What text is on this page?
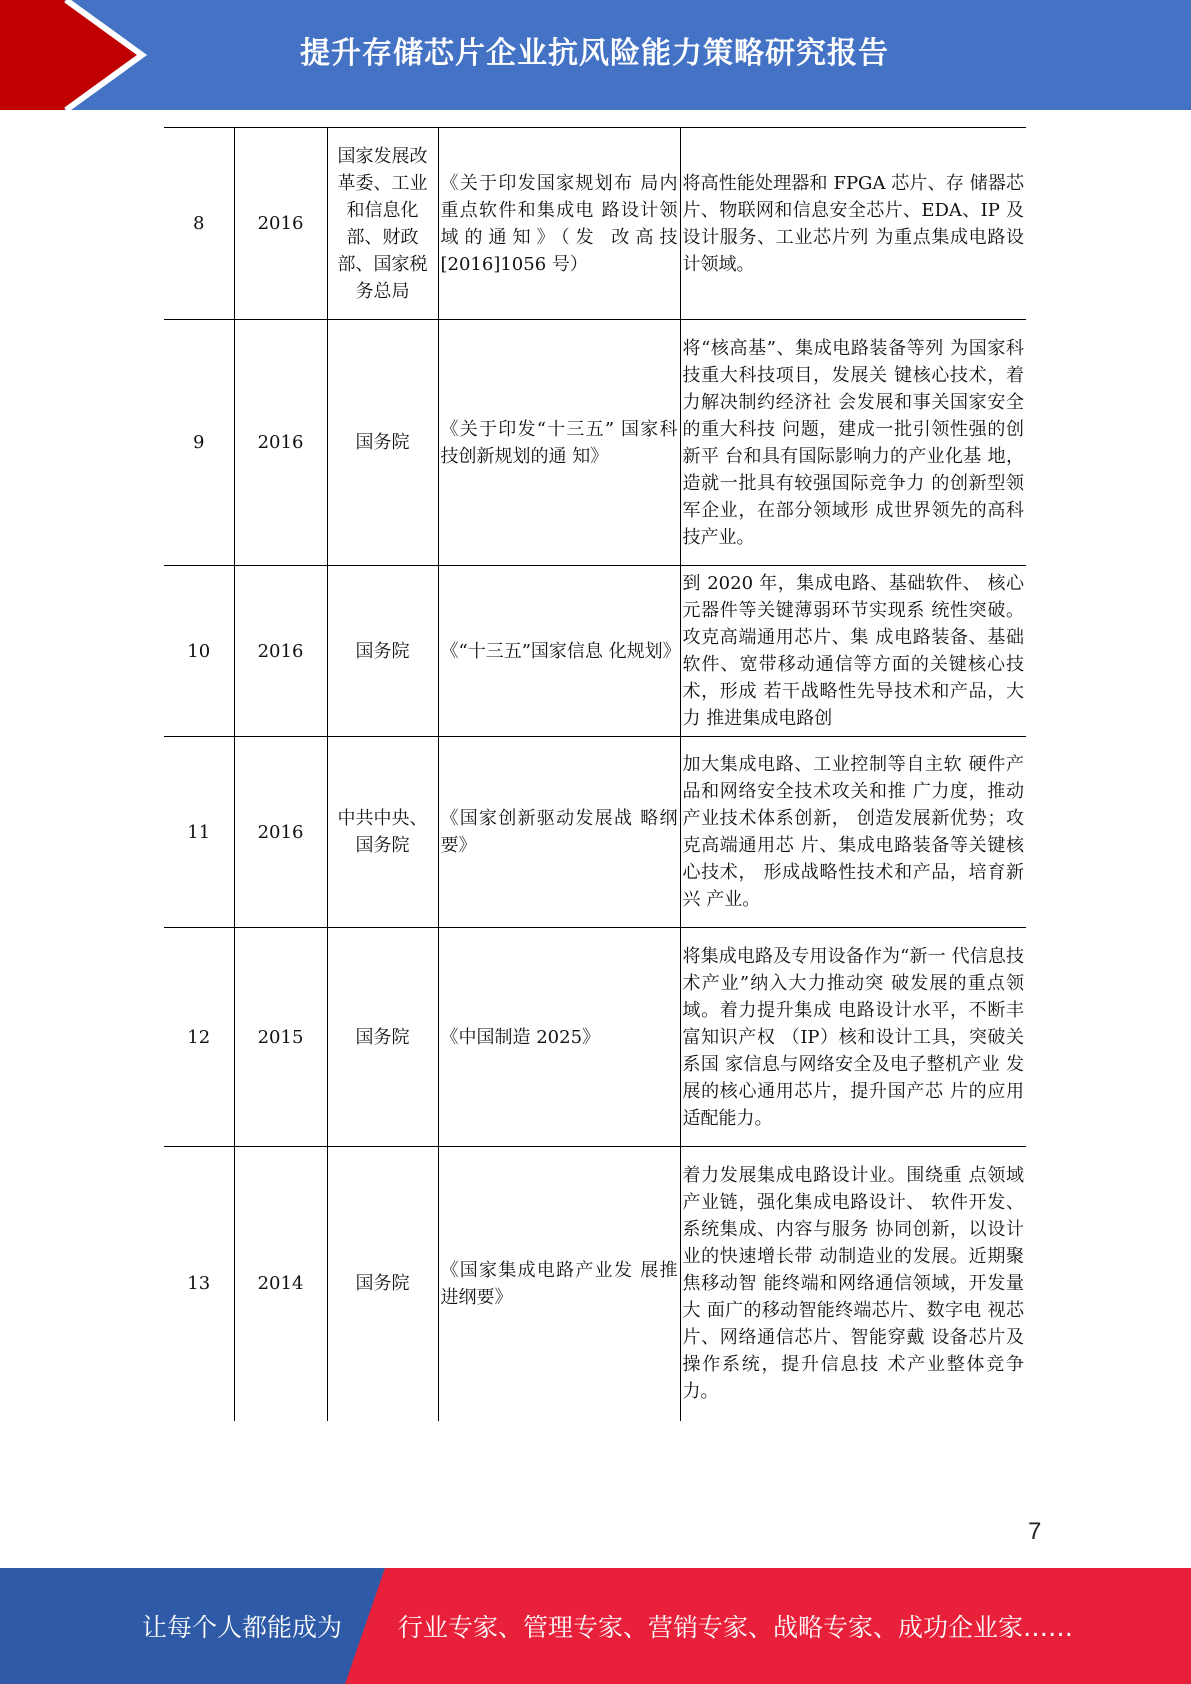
提升存储芯片企业抗风险能力策略研究报告
8	2016	国家发展改革委、工业和信息化部、财政部、国家税务总局	《关于印发国家规划布 局内重点软件和集成电 路设计领域的通知》（发 改高技[2016]1056 号）	将高性能处理器和 FPGA 芯片、存 储器芯片、物联网和信息安全芯片、EDA、IP 及设计服务、工业芯片列 为重点集成电路设计领域。
9	2016	国务院	《关于印发“十三五” 国家科技创新规划的通 知》	将“核高基”、集成电路装备等列 为国家科技重大科技项目，发展关 键核心技术，着力解决制约经济社 会发展和事关国家安全的重大科技 问题，建成一批引领性强的创新平 台和具有国际影响力的产业化基 地，造就一批具有较强国际竞争力 的创新型领军企业，在部分领域形 成世界领先的高科技产业。
10	2016	国务院	《“十三五”国家信息 化规划》	到 2020 年，集成电路、基础软件、 核心元器件等关键薄弱环节实现系 统性突破。攻克高端通用芯片、集 成电路装备、基础软件、宽带移动通信等方面的关键核心技术，形成 若干战略性先导技术和产品，大力 推进集成电路创
11	2016	中共中央、国务院	《国家创新驱动发展战 略纲要》	加大集成电路、工业控制等自主软 硬件产品和网络安全技术攻关和推 广力度，推动产业技术体系创新， 创造发展新优势；攻克高端通用芯 片、集成电路装备等关键核心技术， 形成战略性技术和产品，培育新兴 产业。
12	2015	国务院	《中国制造 2025》	将集成电路及专用设备作为“新一 代信息技术产业”纳入大力推动突 破发展的重点领域。着力提升集成 电路设计水平，不断丰富知识产权 （IP）核和设计工具，突破关系国 家信息与网络安全及电子整机产业 发展的核心通用芯片，提升国产芯 片的应用适配能力。
13	2014	国务院	《国家集成电路产业发 展推进纲要》	着力发展集成电路设计业。围绕重 点领域产业链，强化集成电路设计、 软件开发、系统集成、内容与服务 协同创新，以设计业的快速增长带 动制造业的发展。近期聚焦移动智 能终端和网络通信领域，开发量大 面广的移动智能终端芯片、数字电 视芯片、网络通信芯片、智能穿戴 设备芯片及操作系统，提升信息技 术产业整体竞争力。
7
让每个人都能成为 行业专家、管理专家、营销专家、战略专家、成功企业家……
